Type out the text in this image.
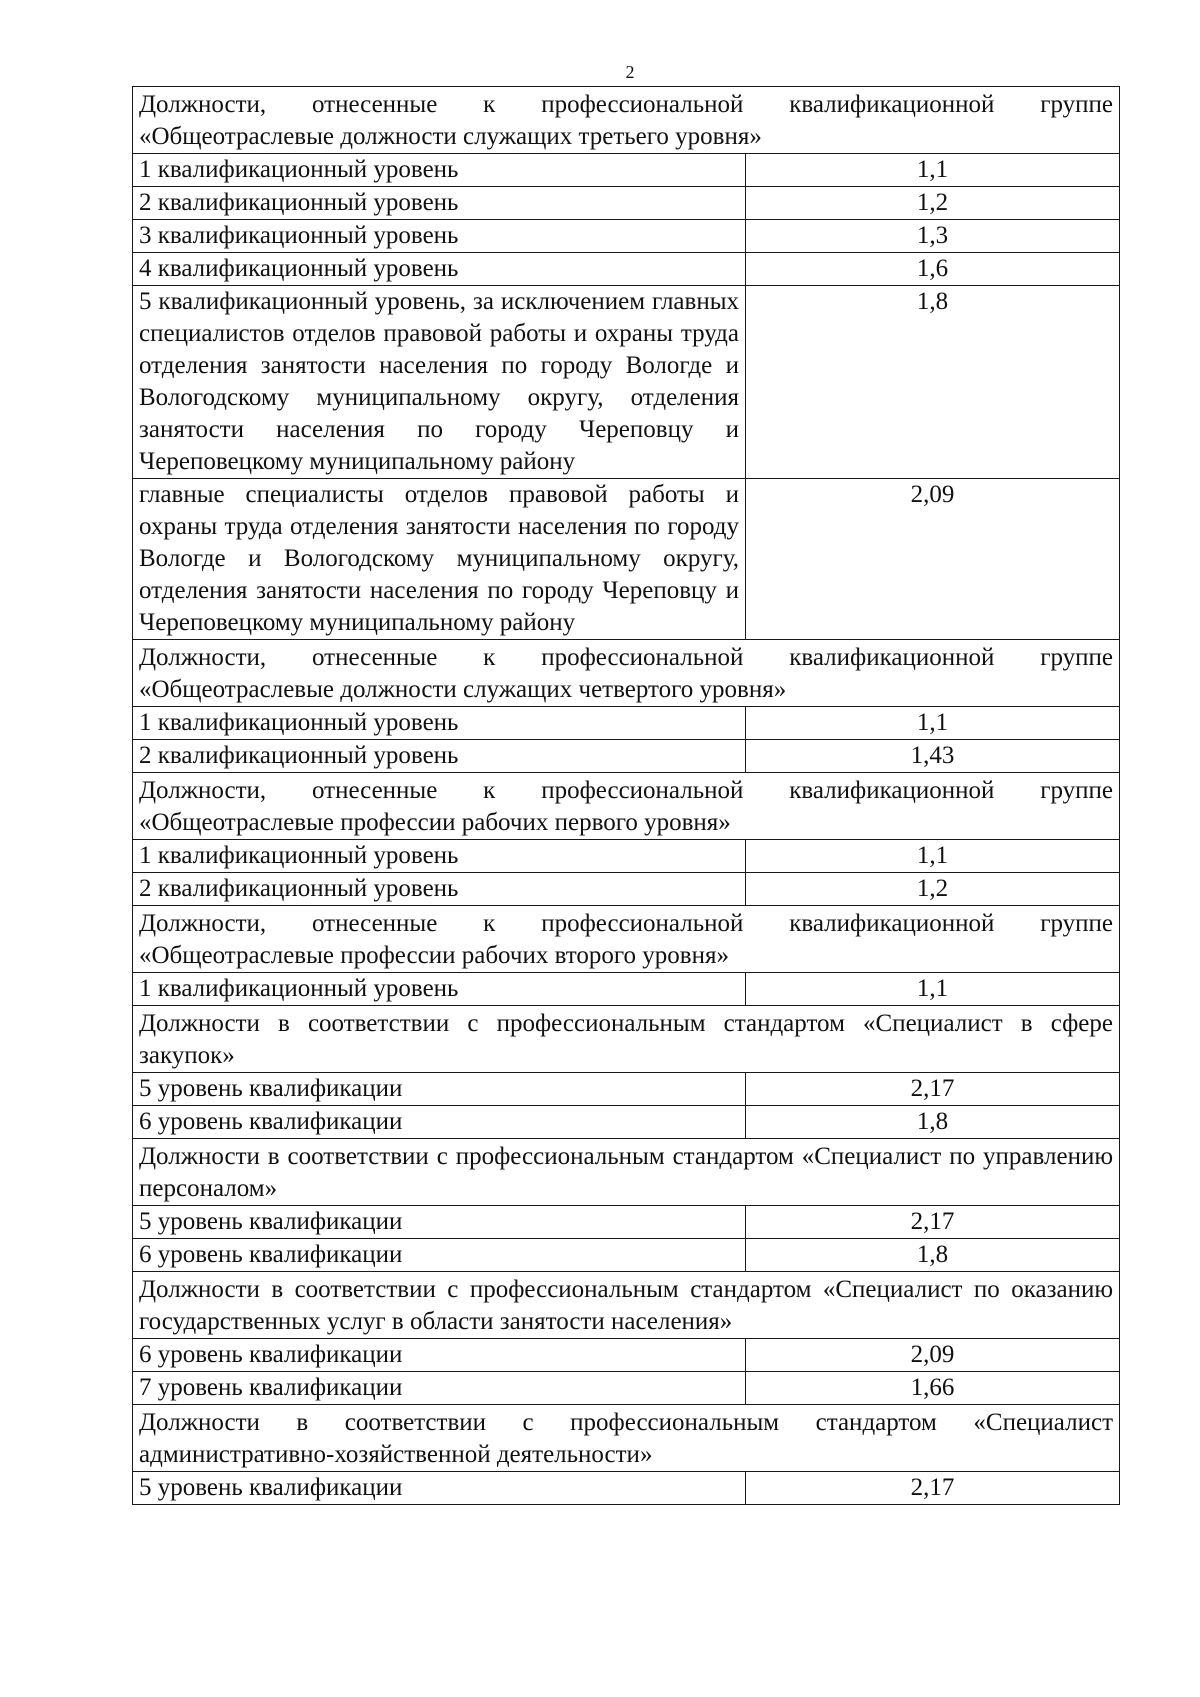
2
Должности, отнесенные к профессиональной квалификационной группе «Общеотраслевые должности служащих третьего уровня»	
1 квалификационный уровень	1,1
2 квалификационный уровень	1,2
3 квалификационный уровень	1,3
4 квалификационный уровень	1,6
5 квалификационный уровень, за исключением главных специалистов отделов правовой работы и охраны труда отделения занятости населения по городу Вологде и Вологодскому муниципальному округу, отделения занятости населения по городу Череповцу и Череповецкому муниципальному району	1,8
главные специалисты отделов правовой работы и охраны труда отделения занятости населения по городу Вологде и Вологодскому муниципальному округу, отделения занятости населения по городу Череповцу и Череповецкому муниципальному району	2,09
Должности, отнесенные к профессиональной квалификационной группе «Общеотраслевые должности служащих четвертого уровня»	
1 квалификационный уровень	1,1
2 квалификационный уровень	1,43
Должности, отнесенные к профессиональной квалификационной группе «Общеотраслевые профессии рабочих первого уровня»	
1 квалификационный уровень	1,1
2 квалификационный уровень	1,2
Должности, отнесенные к профессиональной квалификационной группе «Общеотраслевые профессии рабочих второго уровня»	
1 квалификационный уровень	1,1
Должности в соответствии с профессиональным стандартом «Специалист в сфере закупок»	
5 уровень квалификации	2,17
6 уровень квалификации	1,8
Должности в соответствии с профессиональным стандартом «Специалист по управлению персоналом»	
5 уровень квалификации	2,17
6 уровень квалификации	1,8
Должности в соответствии с профессиональным стандартом «Специалист по оказанию государственных услуг в области занятости населения»	
6 уровень квалификации	2,09
7 уровень квалификации	1,66
Должности в соответствии с профессиональным стандартом «Специалист административно-хозяйственной деятельности»	
5 уровень квалификации	2,17
